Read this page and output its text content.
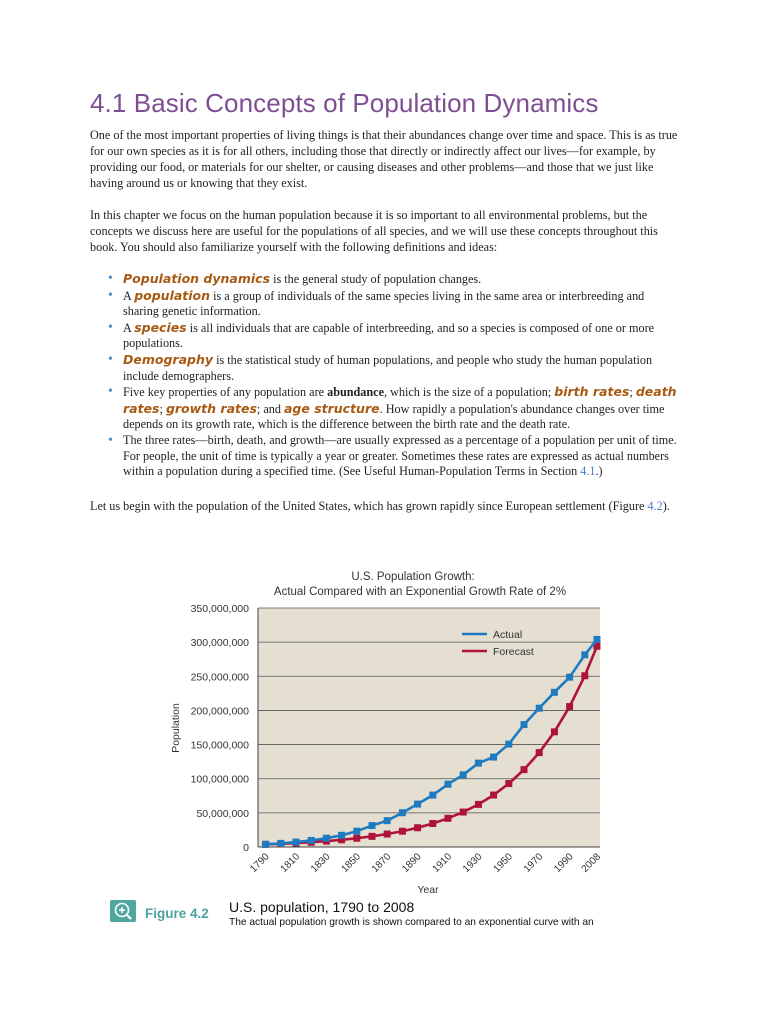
4.1 Basic Concepts of Population Dynamics

One of the most important properties of living things is that their abundances change over time and space. This is as true for our own species as it is for all others, including those that directly or indirectly affect our lives—for example, by providing our food, or materials for our shelter, or causing diseases and other problems—and those that we just like having around us or knowing that they exist.

In this chapter we focus on the human population because it is so important to all environmental problems, but the concepts we discuss here are useful for the populations of all species, and we will use these concepts throughout this book. You should also familiarize yourself with the following definitions and ideas:

• Population dynamics is the general study of population changes.
• A population is a group of individuals of the same species living in the same area or interbreeding and sharing genetic information.
• A species is all individuals that are capable of interbreeding, and so a species is composed of one or more populations.
• Demography is the statistical study of human populations, and people who study the human population include demographers.
• Five key properties of any population are abundance, which is the size of a population; birth rates; death rates; growth rates; and age structure. How rapidly a population's abundance changes over time depends on its growth rate, which is the difference between the birth rate and the death rate.
• The three rates—birth, death, and growth—are usually expressed as a percentage of a population per unit of time. For people, the unit of time is typically a year or greater. Sometimes these rates are expressed as actual numbers within a population during a specified time. (See Useful Human-Population Terms in Section 4.1.)

Let us begin with the population of the United States, which has grown rapidly since European settlement (Figure 4.2).

U.S. Population Growth:
Actual Compared with an Exponential Growth Rate of 2%
0
50,000,000
100,000,000
150,000,000
200,000,000
250,000,000
300,000,000
350,000,000
1790 1810 1830 1850 1870 1890 1910 1930 1950 1970 1990 2008
Year
Population
Actual
Forecast
Figure 4.2 U.S. population, 1790 to 2008
The actual population growth is shown compared to an exponential curve with an
